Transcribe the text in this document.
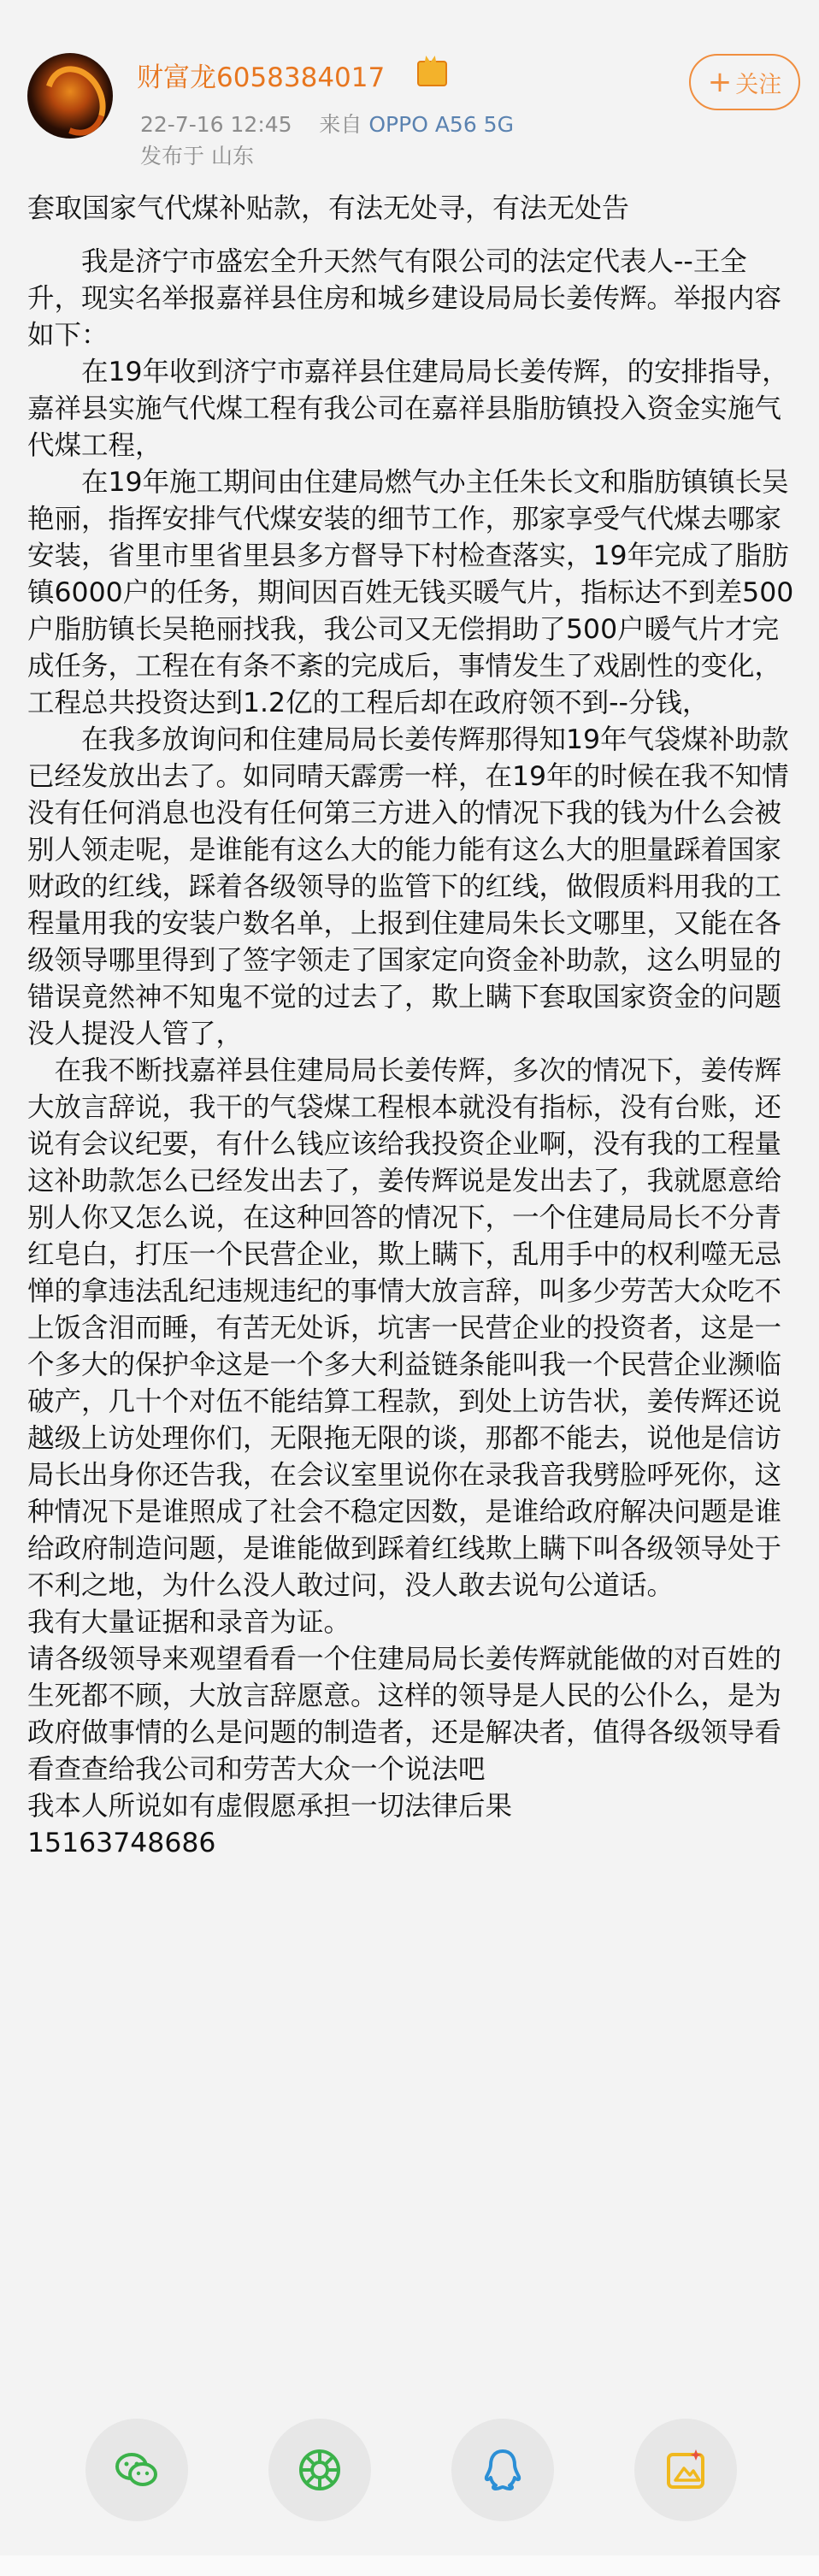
财富龙6058384017
22-7-16 12:45 来自 OPPO A56 5G
发布于 山东
+ 关注

套取国家气代煤补贴款，有法无处寻，有法无处告

　　我是济宁市盛宏全升天然气有限公司的法定代表人--王全升，现实名举报嘉祥县住房和城乡建设局局长姜传辉。举报内容如下：

　　在19年收到济宁市嘉祥县住建局局长姜传辉，的安排指导，嘉祥县实施气代煤工程有我公司在嘉祥县脂肪镇投入资金实施气代煤工程，

　　在19年施工期间由住建局燃气办主任朱长文和脂肪镇镇长吴艳丽，指挥安排气代煤安装的细节工作，那家享受气代煤去哪家安装，省里市里省里县多方督导下村检查落实，19年完成了脂肪镇6000户的任务，期间因百姓无钱买暖气片，指标达不到差500户脂肪镇长吴艳丽找我，我公司又无偿捐助了500户暖气片才完成任务，工程在有条不紊的完成后，事情发生了戏剧性的变化，工程总共投资达到1.2亿的工程后却在政府领不到--分钱，

　　在我多放询问和住建局局长姜传辉那得知19年气袋煤补助款已经发放出去了。如同晴天霹雳一样，在19年的时候在我不知情没有任何消息也没有任何第三方进入的情况下我的钱为什么会被别人领走呢，是谁能有这么大的能力能有这么大的胆量踩着国家财政的红线，踩着各级领导的监管下的红线，做假质料用我的工程量用我的安装户数名单，上报到住建局朱长文哪里，又能在各级领导哪里得到了签字领走了国家定向资金补助款，这么明显的错误竟然神不知鬼不觉的过去了，欺上瞒下套取国家资金的问题没人提没人管了，

　在我不断找嘉祥县住建局局长姜传辉，多次的情况下，姜传辉大放言辞说，我干的气袋煤工程根本就没有指标，没有台账，还说有会议纪要，有什么钱应该给我投资企业啊，没有我的工程量这补助款怎么已经发出去了，姜传辉说是发出去了，我就愿意给别人你又怎么说，在这种回答的情况下，一个住建局局长不分青红皂白，打压一个民营企业，欺上瞒下，乱用手中的权利噬无忌惮的拿违法乱纪违规违纪的事情大放言辞，叫多少劳苦大众吃不上饭含泪而睡，有苦无处诉，坑害一民营企业的投资者，这是一个多大的保护伞这是一个多大利益链条能叫我一个民营企业濒临破产，几十个对伍不能结算工程款，到处上访告状，姜传辉还说越级上访处理你们，无限拖无限的谈，那都不能去，说他是信访局长出身你还告我，在会议室里说你在录我音我劈脸呼死你，这种情况下是谁照成了社会不稳定因数，是谁给政府解决问题是谁给政府制造问题，是谁能做到踩着红线欺上瞒下叫各级领导处于不利之地，为什么没人敢过问，没人敢去说句公道话。

我有大量证据和录音为证。

请各级领导来观望看看一个住建局局长姜传辉就能做的对百姓的生死都不顾，大放言辞愿意。这样的领导是人民的公仆么，是为政府做事情的么是问题的制造者，还是解决者，值得各级领导看看查查给我公司和劳苦大众一个说法吧

我本人所说如有虚假愿承担一切法律后果

15163748686
